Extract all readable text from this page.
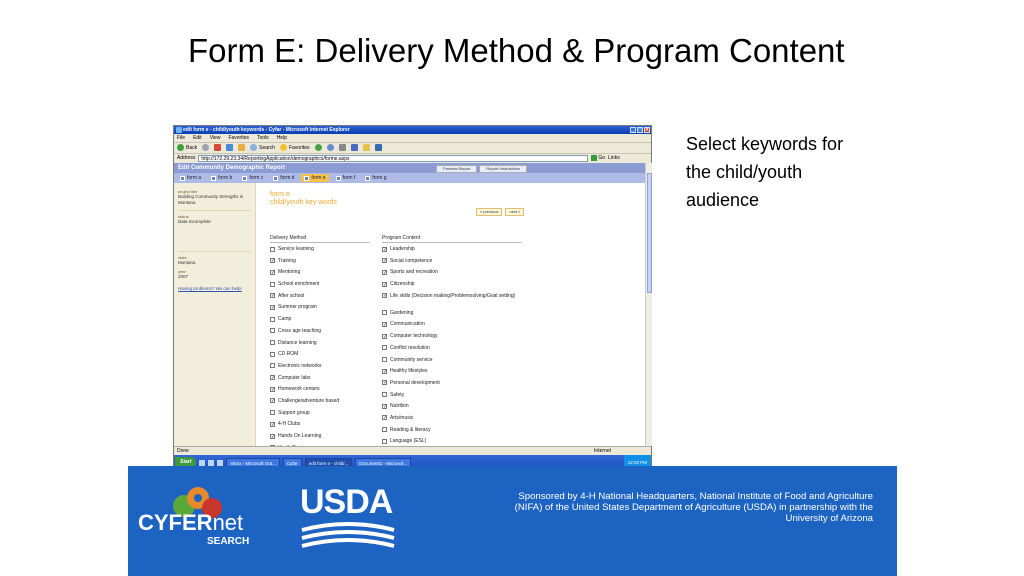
Form E: Delivery Method & Program Content
Select keywords for the child/youth audience
edit form e - child/youth keywords - Cyfar - Microsoft Internet Explorer	_ □ ×
File Edit View Favorites Tools Help
Back	Search	Favorites
Address	http://172.29.23.34/ReportingApplication/demographics/forme.aspx	Go Links
Edit Community Demographic Report	Preview Report	Report Instructions
form a	form b	form c	form d	form e	form f	form g
project title
Building Community Strengths in Montana
status
Data Incomplete
state
Montana
year
2007
Having problems? We can help!
form e
child/youth key words
« previous	next »
Delivery Method
Service learning
✓ Training
✓ Mentoring
School enrichment
✓ After school
✓ Summer program
Camp
Cross age teaching
Distance learning
CD ROM
Electronic networks
✓ Computer labs
✓ Homework centers
✓ Challenge/adventure based
Support group
✓ 4-H Clubs
✓ Hands On Learning
Program Content
✓ Leadership
✓ Social competence
✓ Sports and recreation
✓ Citizenship
✓ Life skills (Decision making/Problemsolving/Goal setting)
Gardening
✓ Communication
✓ Computer technology
Conflict resolution
Community service
✓ Healthy lifestyles
✓ Personal development
Safety
✓ Nutrition
✓ Arts/music
Reading & literacy
Language (ESL)
Done	Internet
Start	Inbox - Microsoft Out...	Cyfar	edit form e - child/...	Document1 - Microsof...	12:02 PM
CYFERnet
SEARCH
USDA	Sponsored by 4-H National Headquarters, National Institute of Food and Agriculture (NIFA) of the United States Department of Agriculture (USDA) in partnership with the University of Arizona
